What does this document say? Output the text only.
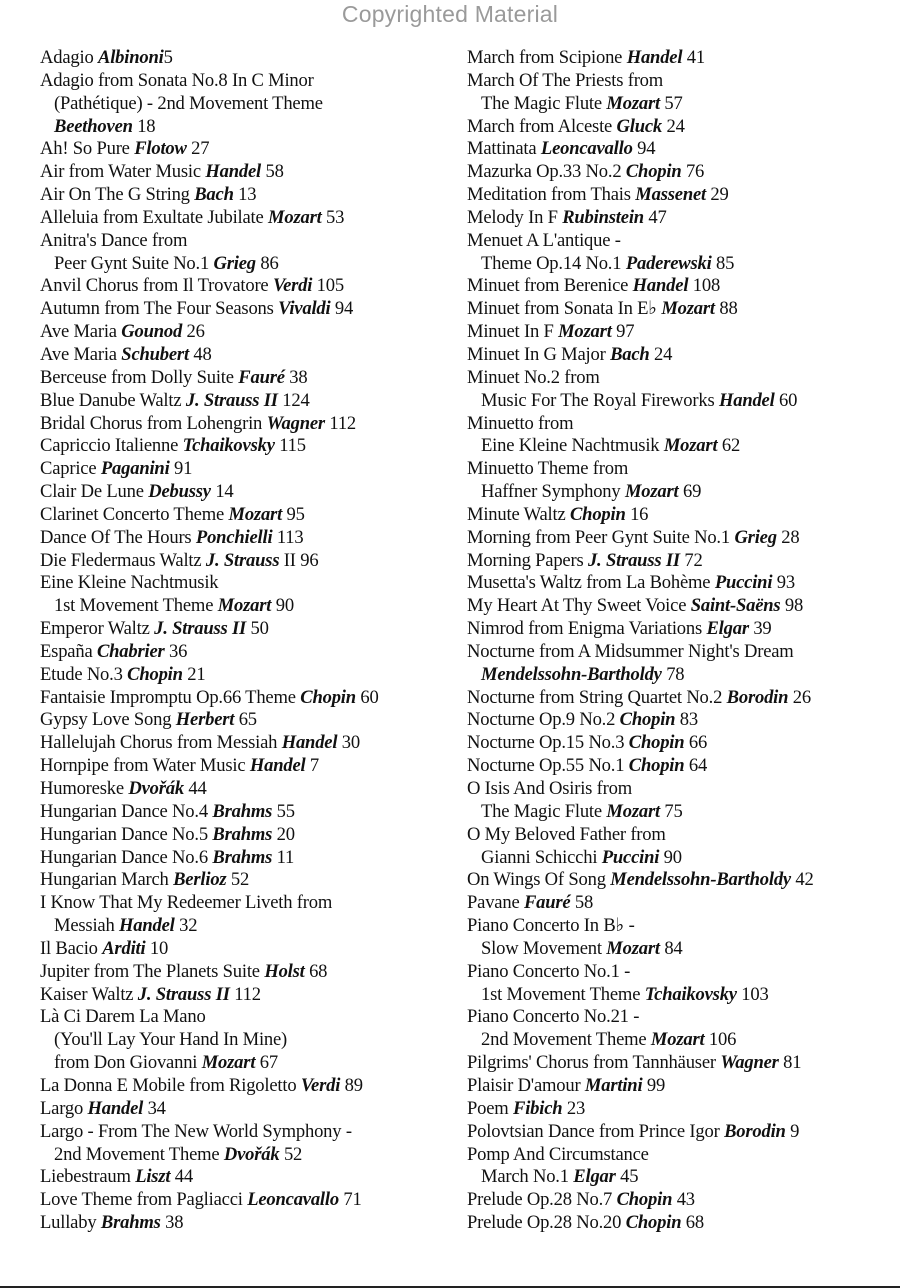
Copyrighted Material
Adagio Albinoni5
Adagio from Sonata No.8 In C Minor
(Pathétique) - 2nd Movement Theme
Beethoven 18
Ah! So Pure Flotow 27
Air from Water Music Handel 58
Air On The G String Bach 13
Alleluia from Exultate Jubilate Mozart 53
Anitra's Dance from
Peer Gynt Suite No.1 Grieg 86
Anvil Chorus from Il Trovatore Verdi 105
Autumn from The Four Seasons Vivaldi 94
Ave Maria Gounod 26
Ave Maria Schubert 48
Berceuse from Dolly Suite Fauré 38
Blue Danube Waltz J. Strauss II 124
Bridal Chorus from Lohengrin Wagner 112
Capriccio Italienne Tchaikovsky 115
Caprice Paganini 91
Clair De Lune Debussy 14
Clarinet Concerto Theme Mozart 95
Dance Of The Hours Ponchielli 113
Die Fledermaus Waltz J. Strauss II 96
Eine Kleine Nachtmusik
1st Movement Theme Mozart 90
Emperor Waltz J. Strauss II 50
España Chabrier 36
Etude No.3 Chopin 21
Fantaisie Impromptu Op.66 Theme Chopin 60
Gypsy Love Song Herbert 65
Hallelujah Chorus from Messiah Handel 30
Hornpipe from Water Music Handel 7
Humoreske Dvořák 44
Hungarian Dance No.4 Brahms 55
Hungarian Dance No.5 Brahms 20
Hungarian Dance No.6 Brahms 11
Hungarian March Berlioz 52
I Know That My Redeemer Liveth from
Messiah Handel 32
Il Bacio Arditi 10
Jupiter from The Planets Suite Holst 68
Kaiser Waltz J. Strauss II 112
Là Ci Darem La Mano
(You'll Lay Your Hand In Mine)
from Don Giovanni Mozart 67
La Donna E Mobile from Rigoletto Verdi 89
Largo Handel 34
Largo - From The New World Symphony -
2nd Movement Theme Dvořák 52
Liebestraum Liszt 44
Love Theme from Pagliacci Leoncavallo 71
Lullaby Brahms 38
March from Scipione Handel 41
March Of The Priests from
The Magic Flute Mozart 57
March from Alceste Gluck 24
Mattinata Leoncavallo 94
Mazurka Op.33 No.2 Chopin 76
Meditation from Thais Massenet 29
Melody In F Rubinstein 47
Menuet A L'antique -
Theme Op.14 No.1 Paderewski 85
Minuet from Berenice Handel 108
Minuet from Sonata In E♭ Mozart 88
Minuet In F Mozart 97
Minuet In G Major Bach 24
Minuet No.2 from
Music For The Royal Fireworks Handel 60
Minuetto from
Eine Kleine Nachtmusik Mozart 62
Minuetto Theme from
Haffner Symphony Mozart 69
Minute Waltz Chopin 16
Morning from Peer Gynt Suite No.1 Grieg 28
Morning Papers J. Strauss II 72
Musetta's Waltz from La Bohème Puccini 93
My Heart At Thy Sweet Voice Saint-Saëns 98
Nimrod from Enigma Variations Elgar 39
Nocturne from A Midsummer Night's Dream
Mendelssohn-Bartholdy 78
Nocturne from String Quartet No.2 Borodin 26
Nocturne Op.9 No.2 Chopin 83
Nocturne Op.15 No.3 Chopin 66
Nocturne Op.55 No.1 Chopin 64
O Isis And Osiris from
The Magic Flute Mozart 75
O My Beloved Father from
Gianni Schicchi Puccini 90
On Wings Of Song Mendelssohn-Bartholdy 42
Pavane Fauré 58
Piano Concerto In B♭ -
Slow Movement Mozart 84
Piano Concerto No.1 -
1st Movement Theme Tchaikovsky 103
Piano Concerto No.21 -
2nd Movement Theme Mozart 106
Pilgrims' Chorus from Tannhäuser Wagner 81
Plaisir D'amour Martini 99
Poem Fibich 23
Polovtsian Dance from Prince Igor Borodin 9
Pomp And Circumstance
March No.1 Elgar 45
Prelude Op.28 No.7 Chopin 43
Prelude Op.28 No.20 Chopin 68
